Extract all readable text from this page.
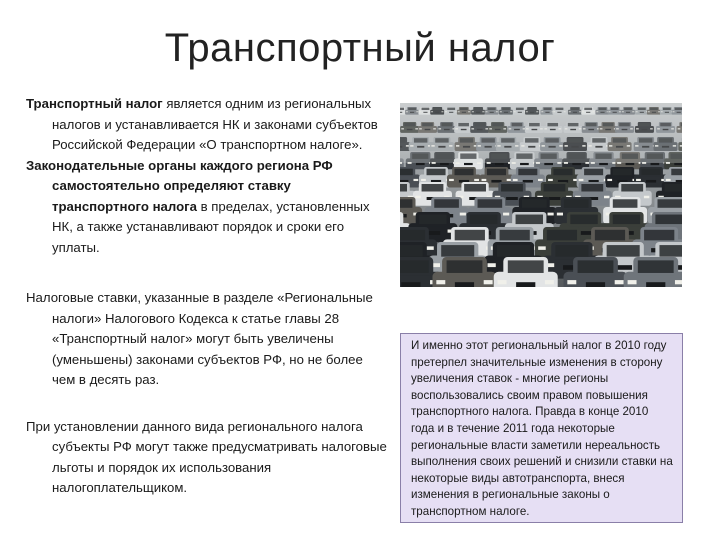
Транспортный налог

Транспортный налог является одним из региональных налогов и устанавливается НК и законами субъектов Российской Федерации «О транспортном налоге».

Законодательные органы каждого региона РФ самостоятельно определяют ставку транспортного налога в пределах, установленных НК, а также устанавливают порядок и сроки его уплаты.

Налоговые ставки, указанные в разделе «Региональные налоги» Налогового Кодекса к статье главы 28 «Транспортный налог» могут быть увеличены (уменьшены) законами субъектов РФ, но не более чем в десять раз.

При установлении данного вида регионального налога субъекты РФ могут также предусматривать налоговые льготы и порядок их использования налогоплательщиком.

И именно этот региональный налог в 2010 году претерпел значительные изменения в сторону увеличения ставок - многие регионы воспользовались своим правом повышения транспортного налога. Правда в конце 2010 года и в течение 2011 года некоторые региональные власти заметили нереальность выполнения своих решений и снизили ставки на некоторые виды автотранспорта, внеся изменения в региональные законы о транспортном налоге.
